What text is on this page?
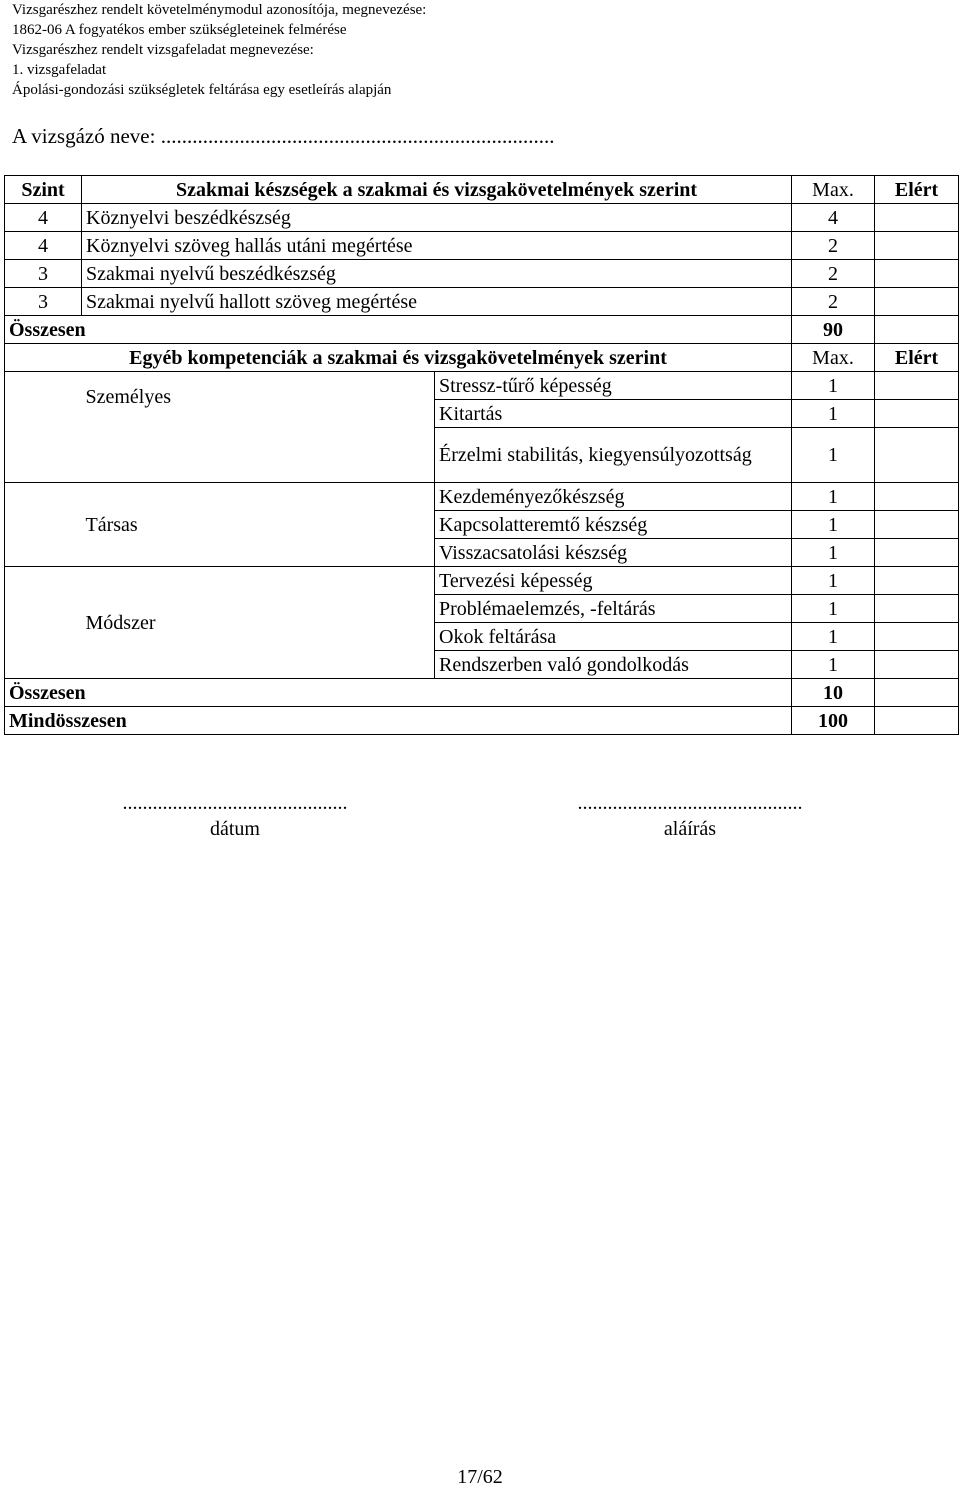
Vizsgarészhez rendelt követelménymodul azonosítója, megnevezése:
1862-06 A fogyatékos ember szükségleteinek felmérése
Vizsgarészhez rendelt vizsgafeladat megnevezése:
1. vizsgafeladat
Ápolási-gondozási szükségletek feltárása egy esetleírás alapján
A vizsgázó neve: ...........................................................................
Szint	Szakmai készségek a szakmai és vizsgakövetelmények szerint		Max.	Elért
4	Köznyelvi beszédkészség		4	
4	Köznyelvi szöveg hallás utáni megértése		2	
3	Szakmai nyelvű beszédkészség		2	
3	Szakmai nyelvű hallott szöveg megértése		2	
Összesen			90	
Egyéb kompetenciák a szakmai és vizsgakövetelmények szerint			Max.	Elért
	Személyes	Stressz-tűrő képesség	1	
		Kitartás	1	
		Érzelmi stabilitás, kiegyensúlyozottság	1	
	Társas	Kezdeményezőkészség	1	
		Kapcsolatteremtő készség	1	
		Visszacsatolási készség	1	
	Módszer	Tervezési képesség	1	
		Problémaelemzés, -feltárás	1	
		Okok feltárása	1	
		Rendszerben való gondolkodás	1	
Összesen			10	
Mindösszesen			100	
.............................................
dátum
.............................................
aláírás
17/62
